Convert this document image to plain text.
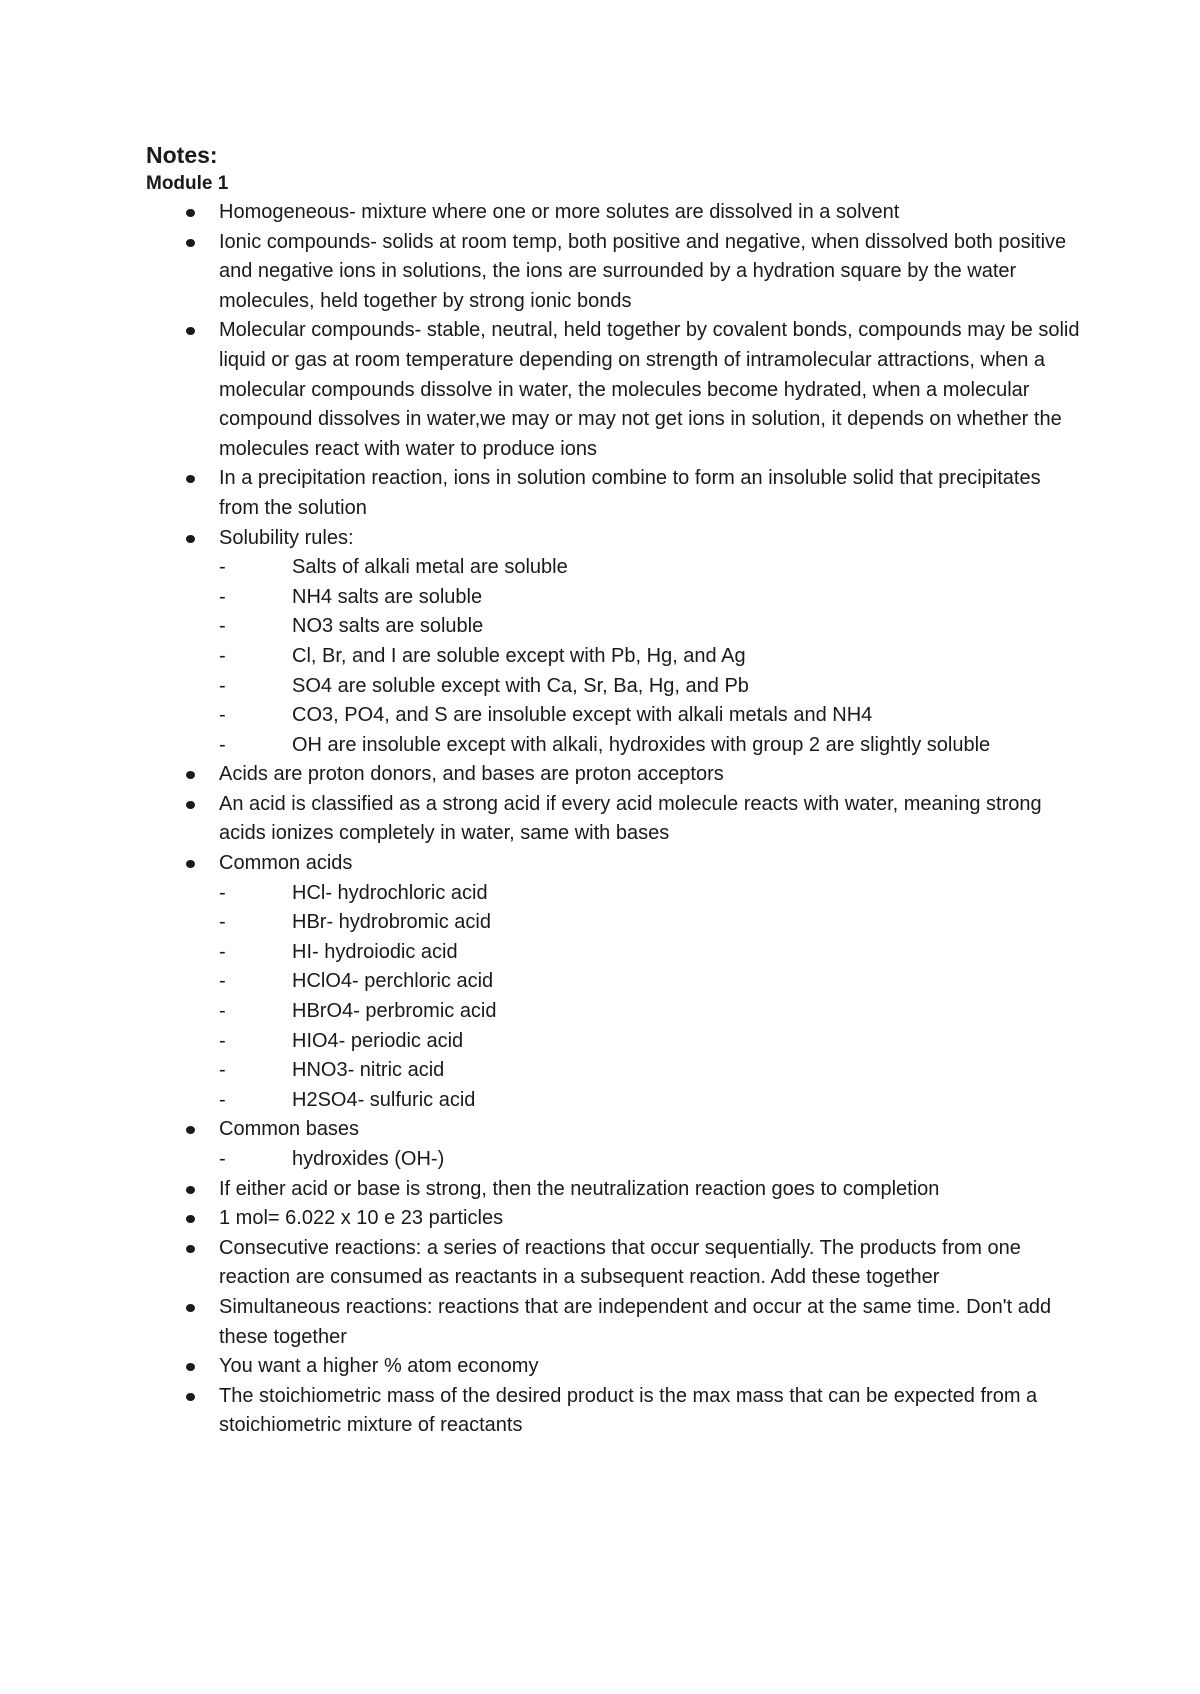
Notes:
Module 1
Homogeneous- mixture where one or more solutes are dissolved in a solvent
Ionic compounds- solids at room temp, both positive and negative, when dissolved both positive and negative ions in solutions, the ions are surrounded by a hydration square by the water molecules, held together by strong ionic bonds
Molecular compounds- stable, neutral, held together by covalent bonds, compounds may be solid liquid or gas at room temperature depending on strength of intramolecular attractions, when a molecular compounds dissolve in water, the molecules become hydrated, when a molecular compound dissolves in water,we may or may not get ions in solution, it depends on whether the molecules react with water to produce ions
In a precipitation reaction, ions in solution combine to form an insoluble solid that precipitates from the solution
Solubility rules:
-	Salts of alkali metal are soluble
-	NH4 salts are soluble
-	NO3 salts are soluble
-	Cl, Br, and I are soluble except with Pb, Hg, and Ag
-	SO4 are soluble except with Ca, Sr, Ba, Hg, and Pb
-	CO3, PO4, and S are insoluble except with alkali metals and NH4
-	OH are insoluble except with alkali, hydroxides with group 2 are slightly soluble
Acids are proton donors, and bases are proton acceptors
An acid is classified as a strong acid if every acid molecule reacts with water, meaning strong acids ionizes completely in water, same with bases
Common acids
-	HCl- hydrochloric acid
-	HBr- hydrobromic acid
-	HI- hydroiodic acid
-	HClO4- perchloric acid
-	HBrO4- perbromic acid
-	HIO4- periodic acid
-	HNO3- nitric acid
-	H2SO4- sulfuric acid
Common bases
-	hydroxides (OH-)
If either acid or base is strong, then the neutralization reaction goes to completion
1 mol= 6.022 x 10 e 23 particles
Consecutive reactions: a series of reactions that occur sequentially. The products from one reaction are consumed as reactants in a subsequent reaction. Add these together
Simultaneous reactions: reactions that are independent and occur at the same time. Don't add these together
You want a higher % atom economy
The stoichiometric mass of the desired product is the max mass that can be expected from a stoichiometric mixture of reactants
